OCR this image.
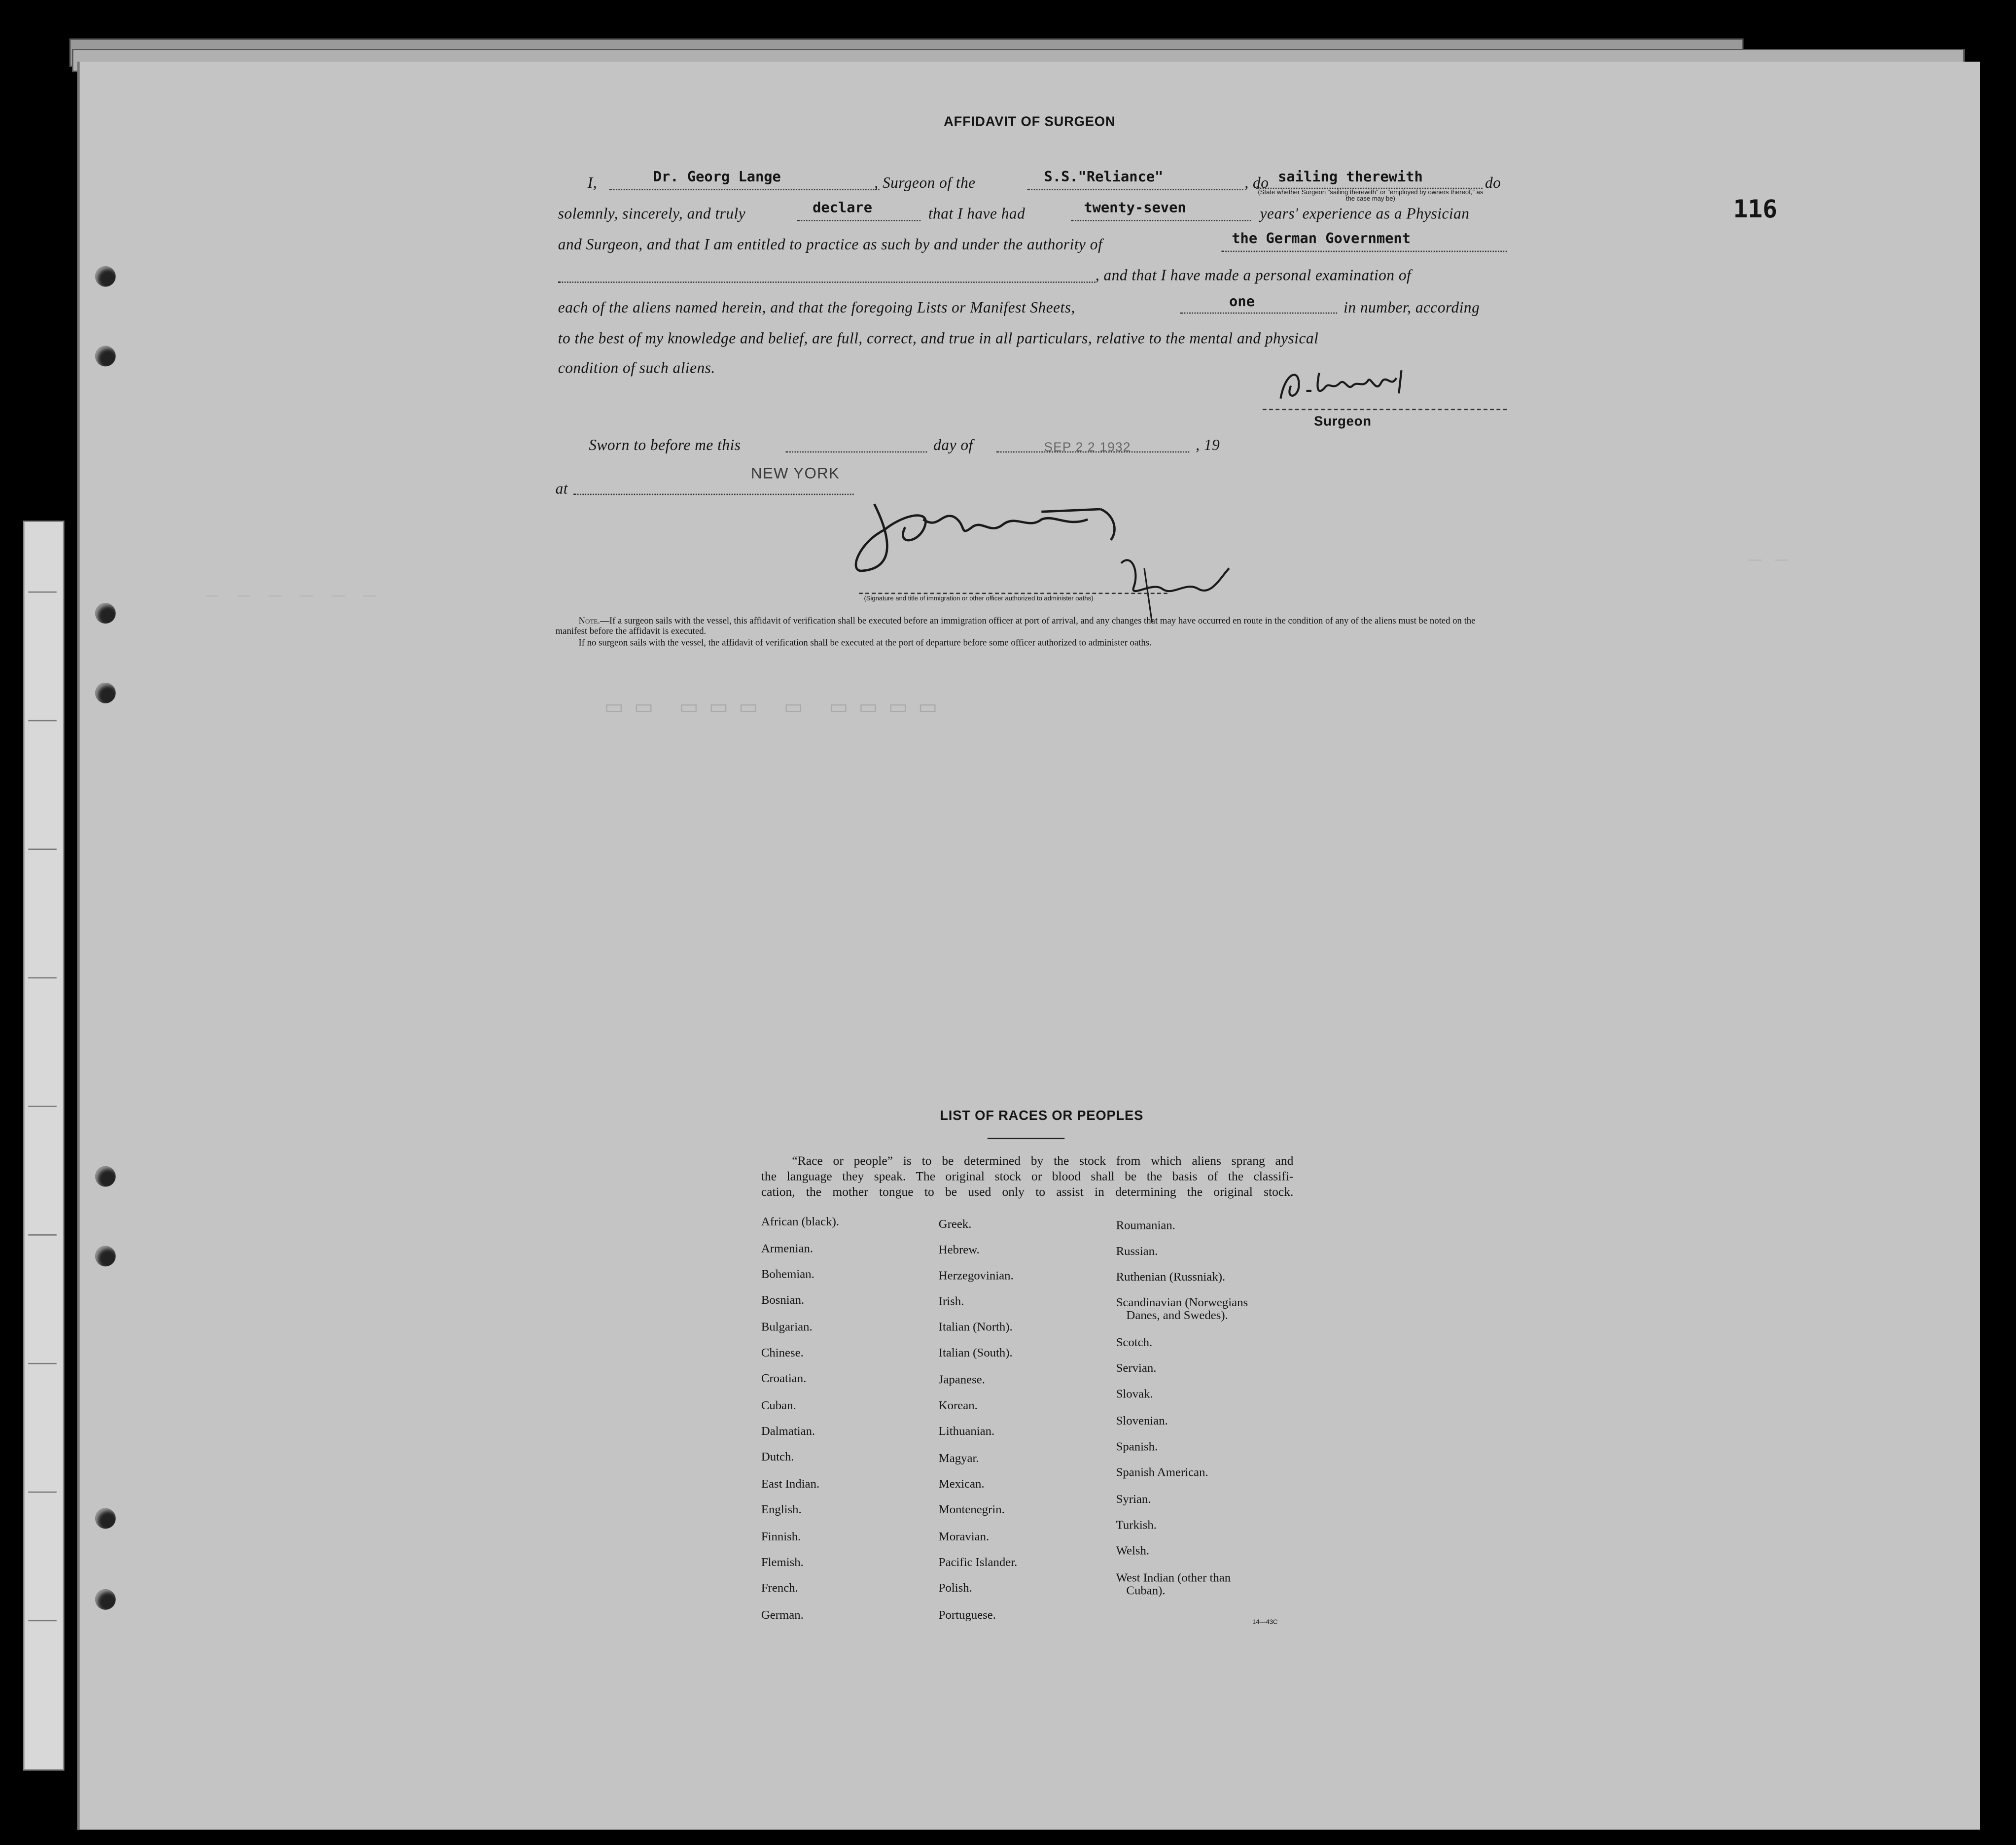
116
AFFIDAVIT OF SURGEON
I,	Dr. Georg Lange	, Surgeon of the	S.S."Reliance"	, do sailing therewith	do
(State whether Surgeon "sailing therewith" or "employed by owners thereof," as the case may be)
solemnly, sincerely, and truly	declare	that I have had	twenty-seven	years' experience as a Physician
and Surgeon, and that I am entitled to practice as such by and under the authority of	the German Government
, and that I have made a personal examination of
each of the aliens named herein, and that the foregoing Lists or Manifest Sheets,	one	in number, according
to the best of my knowledge and belief, are full, correct, and true in all particulars, relative to the mental and physical
condition of such aliens.
Surgeon
Sworn to before me this	day of	SEP 2 2 1932	, 19
at
NEW YORK
(Signature and title of immigration or other officer authorized to administer oaths)
Note.—If a surgeon sails with the vessel, this affidavit of verification shall be executed before an immigration officer at port of arrival, and any changes that may have occurred en route in the condition of any of the aliens must be noted on the manifest before the affidavit is executed.
If no surgeon sails with the vessel, the affidavit of verification shall be executed at the port of departure before some officer authorized to administer oaths.
▭▭ ▭▭▭ ▭ ▭▭▭▭
— — — — — —
— —
LIST OF RACES OR PEOPLES
“Race or people” is to be determined by the stock from which aliens sprang and
the language they speak. The original stock or blood shall be the basis of the classifi-
cation, the mother tongue to be used only to assist in determining the original stock.
African (black).
Armenian.
Bohemian.
Bosnian.
Bulgarian.
Chinese.
Croatian.
Cuban.
Dalmatian.
Dutch.
East Indian.
English.
Finnish.
Flemish.
French.
German.
Greek.
Hebrew.
Herzegovinian.
Irish.
Italian (North).
Italian (South).
Japanese.
Korean.
Lithuanian.
Magyar.
Mexican.
Montenegrin.
Moravian.
Pacific Islander.
Polish.
Portuguese.
Roumanian.
Russian.
Ruthenian (Russniak).
Scandinavian (Norwegians
Danes, and Swedes).
Scotch.
Servian.
Slovak.
Slovenian.
Spanish.
Spanish American.
Syrian.
Turkish.
Welsh.
West Indian (other than
Cuban).
14—43C
